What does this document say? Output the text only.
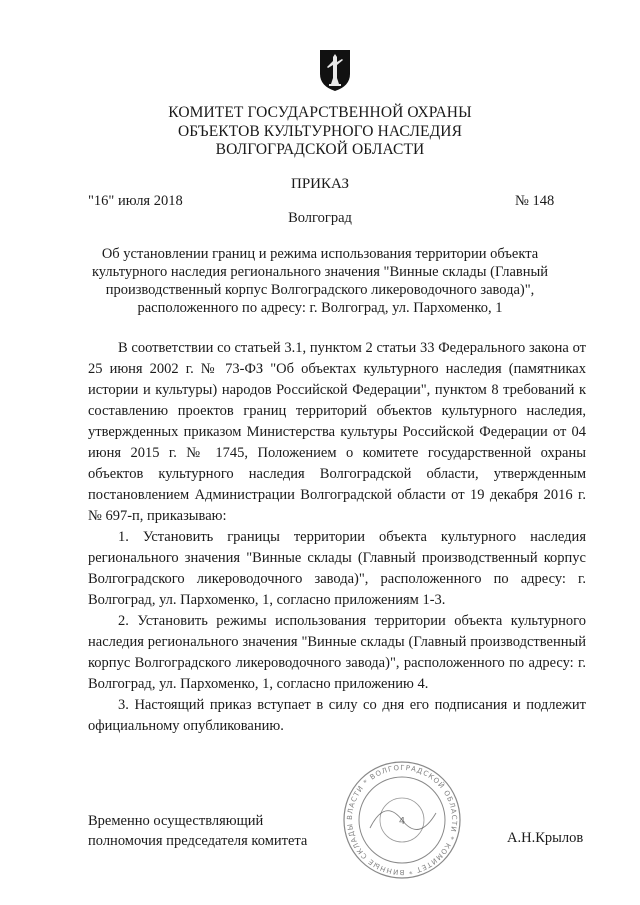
КОМИТЕТ ГОСУДАРСТВЕННОЙ ОХРАНЫ
ОБЪЕКТОВ КУЛЬТУРНОГО НАСЛЕДИЯ
ВОЛГОГРАДСКОЙ ОБЛАСТИ
ПРИКАЗ
"16" июля 2018	№ 148
Волгоград
Об установлении границ и режима использования территории объекта
культурного наследия регионального значения "Винные склады (Главный
производственный корпус Волгоградского ликероводочного завода)",
расположенного по адресу: г. Волгоград, ул. Пархоменко, 1

В соответствии со статьей 3.1, пунктом 2 статьи 33 Федерального закона от 25 июня 2002 г. № 73-ФЗ "Об объектах культурного наследия (памятниках истории и культуры) народов Российской Федерации", пунктом 8 требований к составлению проектов границ территорий объектов культурного наследия, утвержденных приказом Министерства культуры Российской Федерации от 04 июня 2015 г. № 1745, Положением о комитете государственной охраны объектов культурного наследия Волгоградской области, утвержденным постановлением Администрации Волгоградской области от 19 декабря 2016 г. № 697-п, приказываю:

1. Установить границы территории объекта культурного наследия регионального значения "Винные склады (Главный производственный корпус Волгоградского ликероводочного завода)", расположенного по адресу: г. Волгоград, ул. Пархоменко, 1, согласно приложениям 1-3.

2. Установить режимы использования территории объекта культурного наследия регионального значения "Винные склады (Главный производственный корпус Волгоградского ликероводочного завода)", расположенного по адресу: г. Волгоград, ул. Пархоменко, 1, согласно приложению 4.

3. Настоящий приказ вступает в силу со дня его подписания и подлежит официальному опубликованию.

ВЛАСТИ * ВОЛГОГРАДСКОЙ ОБЛАСТИ * КОМИТЕТ * ВИННЫЕ СКЛАДЫ	4
Временно осуществляющий
полномочия председателя комитета	А.Н.Крылов
